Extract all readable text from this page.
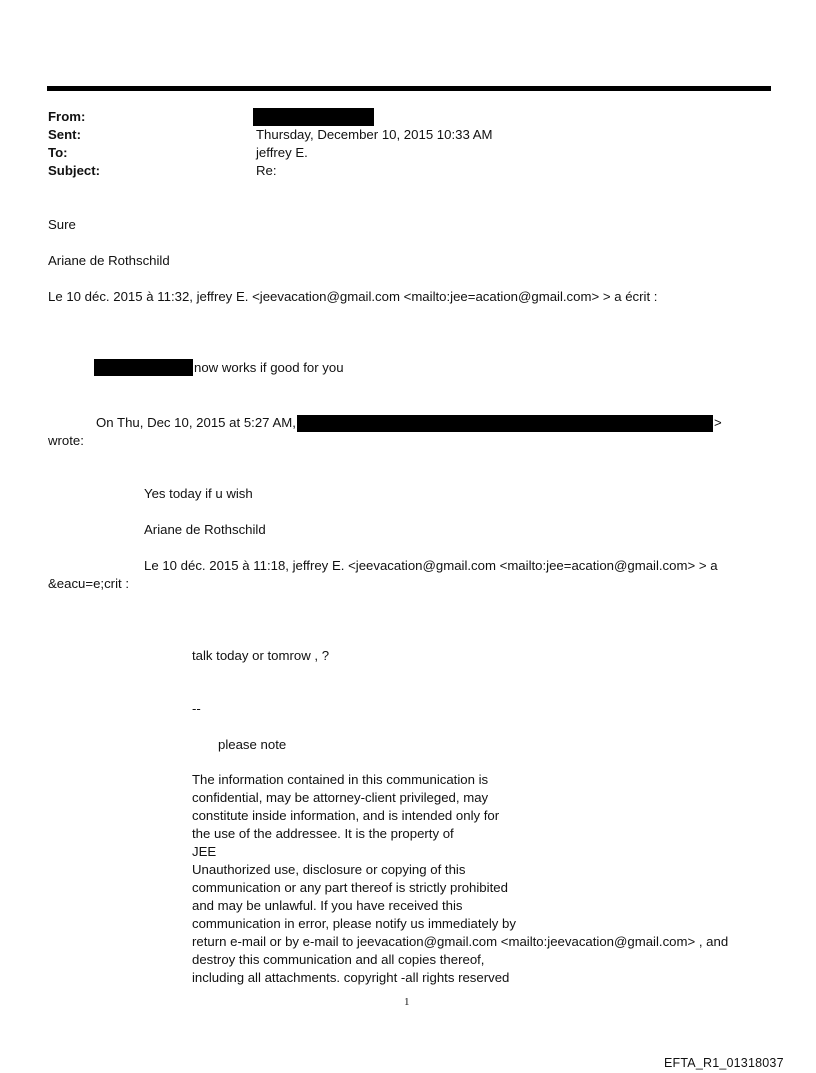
From:
Sent:	Thursday, December 10, 2015 10:33 AM
To:	jeffrey E.
Subject:	Re:
Sure
Ariane de Rothschild
Le 10 déc. 2015 à 11:32, jeffrey E. <jeevacation@gmail.com <mailto:jee=acation@gmail.com> > a écrit :
now works if good for you
On Thu, Dec 10, 2015 at 5:27 AM,	>
wrote:
Yes today if u wish
Ariane de Rothschild
Le 10 déc. 2015 à 11:18, jeffrey E. <jeevacation@gmail.com <mailto:jee=acation@gmail.com> > a
&eacu=e;crit :
talk today or tomrow , ?
--
please note
The information contained in this communication is
confidential, may be attorney-client privileged, may
constitute inside information, and is intended only for
the use of the addressee. It is the property of
JEE
Unauthorized use, disclosure or copying of this
communication or any part thereof is strictly prohibited
and may be unlawful. If you have received this
communication in error, please notify us immediately by
return e-mail or by e-mail to jeevacation@gmail.com <mailto:jeevacation@gmail.com> , and
destroy this communication and all copies thereof,
including all attachments. copyright -all rights reserved
1
EFTA_R1_01318037
